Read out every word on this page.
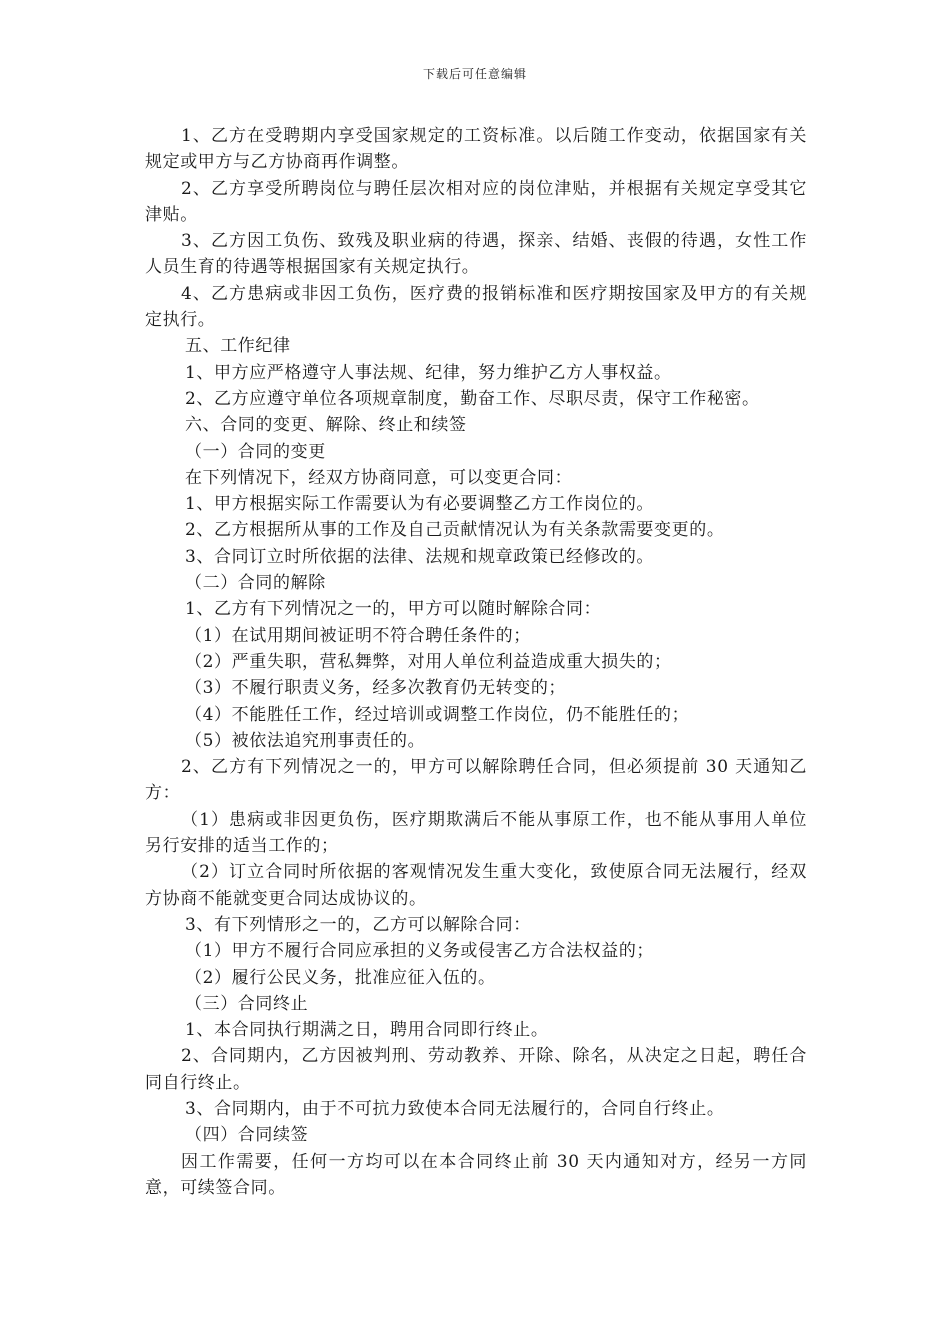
下载后可任意编辑

1、乙方在受聘期内享受国家规定的工资标准。以后随工作变动，依据国家有关规定或甲方与乙方协商再作调整。

2、乙方享受所聘岗位与聘任层次相对应的岗位津贴，并根据有关规定享受其它津贴。

3、乙方因工负伤、致残及职业病的待遇，探亲、结婚、丧假的待遇，女性工作人员生育的待遇等根据国家有关规定执行。

4、乙方患病或非因工负伤，医疗费的报销标准和医疗期按国家及甲方的有关规定执行。

五、工作纪律

1、甲方应严格遵守人事法规、纪律，努力维护乙方人事权益。

2、乙方应遵守单位各项规章制度，勤奋工作、尽职尽责，保守工作秘密。

六、合同的变更、解除、终止和续签

（一）合同的变更

在下列情况下，经双方协商同意，可以变更合同：

1、甲方根据实际工作需要认为有必要调整乙方工作岗位的。

2、乙方根据所从事的工作及自己贡献情况认为有关条款需要变更的。

3、合同订立时所依据的法律、法规和规章政策已经修改的。

（二）合同的解除

1、乙方有下列情况之一的，甲方可以随时解除合同：

（1）在试用期间被证明不符合聘任条件的；

（2）严重失职，营私舞弊，对用人单位利益造成重大损失的；

（3）不履行职责义务，经多次教育仍无转变的；

（4）不能胜任工作，经过培训或调整工作岗位，仍不能胜任的；

（5）被依法追究刑事责任的。

2、乙方有下列情况之一的，甲方可以解除聘任合同，但必须提前 30 天通知乙方：

（1）患病或非因更负伤，医疗期欺满后不能从事原工作，也不能从事用人单位另行安排的适当工作的；

（2）订立合同时所依据的客观情况发生重大变化，致使原合同无法履行，经双方协商不能就变更合同达成协议的。

3、有下列情形之一的，乙方可以解除合同：

（1）甲方不履行合同应承担的义务或侵害乙方合法权益的；

（2）履行公民义务，批准应征入伍的。

（三）合同终止

1、本合同执行期满之日，聘用合同即行终止。

2、合同期内，乙方因被判刑、劳动教养、开除、除名，从决定之日起，聘任合同自行终止。

3、合同期内，由于不可抗力致使本合同无法履行的，合同自行终止。

（四）合同续签

因工作需要，任何一方均可以在本合同终止前 30 天内通知对方，经另一方同意，可续签合同。
